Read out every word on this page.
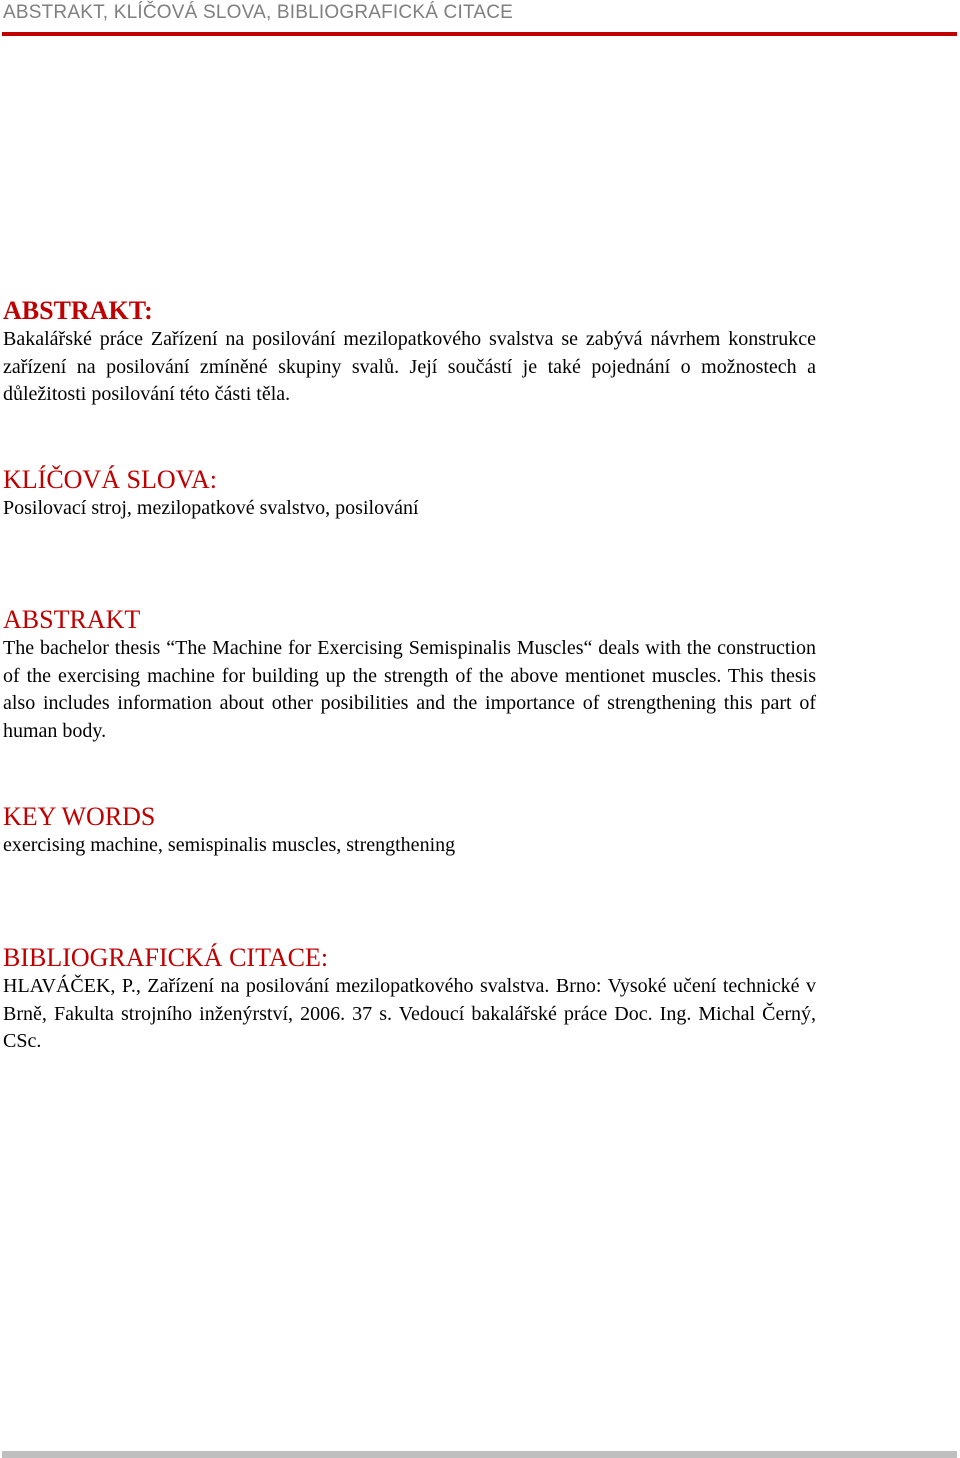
ABSTRAKT, KLÍČOVÁ SLOVA, BIBLIOGRAFICKÁ CITACE
ABSTRAKT:

Bakalářské práce Zařízení na posilování mezilopatkového svalstva se zabývá návrhem konstrukce zařízení na posilování zmíněné skupiny svalů. Její součástí je také pojednání o možnostech a důležitosti posilování této části těla.

KLÍČOVÁ SLOVA:

Posilovací stroj, mezilopatkové svalstvo, posilování

ABSTRAKT

The bachelor thesis “The Machine for Exercising Semispinalis Muscles“ deals with the construction of the exercising machine for building up the strength of the above mentionet muscles. This thesis also includes information about other posibilities and the importance of strengthening this part of human body.

KEY WORDS

exercising machine, semispinalis muscles, strengthening

BIBLIOGRAFICKÁ CITACE:

HLAVÁČEK, P., Zařízení na posilování mezilopatkového svalstva. Brno: Vysoké učení technické v Brně, Fakulta strojního inženýrství, 2006. 37 s. Vedoucí bakalářské práce Doc. Ing. Michal Černý, CSc.
